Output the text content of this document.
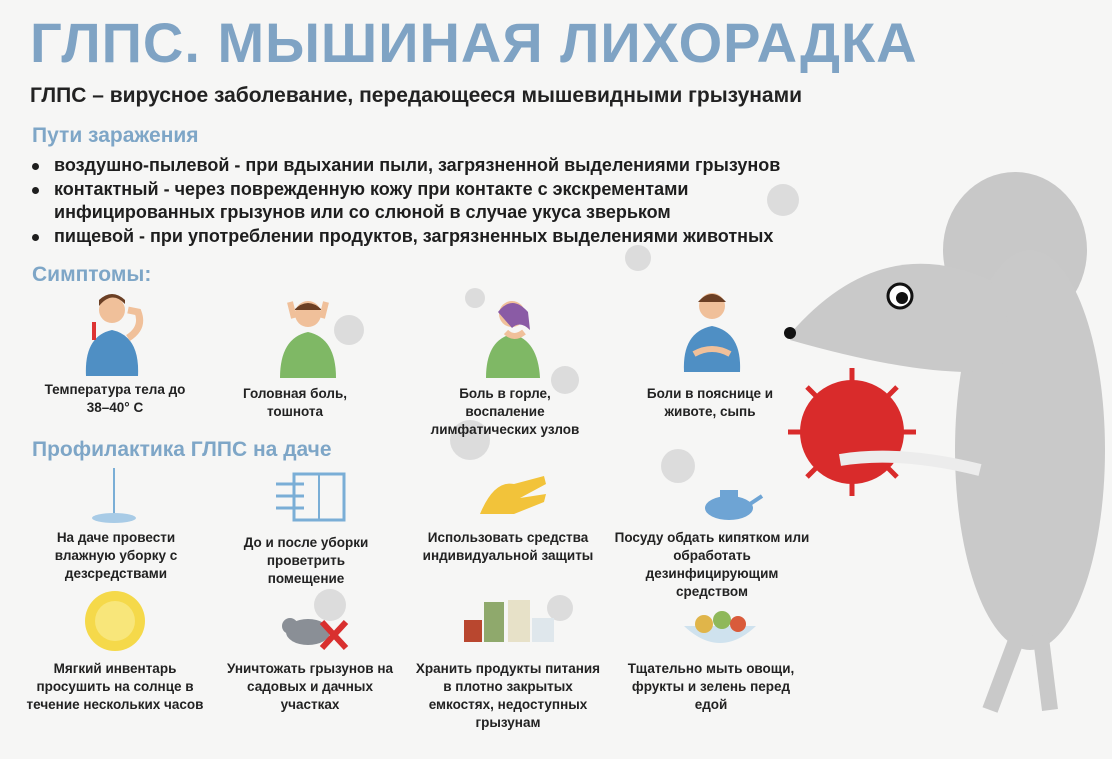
ГЛПС. МЫШИНАЯ ЛИХОРАДКА
ГЛПС – вирусное заболевание, передающееся мышевидными грызунами
Пути заражения
воздушно-пылевой - при вдыхании пыли, загрязненной выделениями грызунов
контактный - через поврежденную кожу при контакте с экскрементами инфицированных грызунов или со слюной в случае укуса зверьком
пищевой - при употреблении продуктов, загрязненных выделениями животных
Симптомы:
Температура тела до 38–40° С
Головная боль, тошнота
Боль в горле, воспаление лимфатических узлов
Боли в пояснице и животе, сыпь
Профилактика ГЛПС на даче
На даче провести влажную уборку с дезсредствами
До и после уборки проветрить помещение
Использовать средства индивидуальной защиты
Посуду обдать кипятком или обработать дезинфицирующим средством
Мягкий инвентарь просушить на солнце в течение нескольких часов
Уничтожать грызунов на садовых и дачных участках
Хранить продукты питания в плотно закрытых емкостях, недоступных грызунам
Тщательно мыть овощи, фрукты и зелень перед едой
